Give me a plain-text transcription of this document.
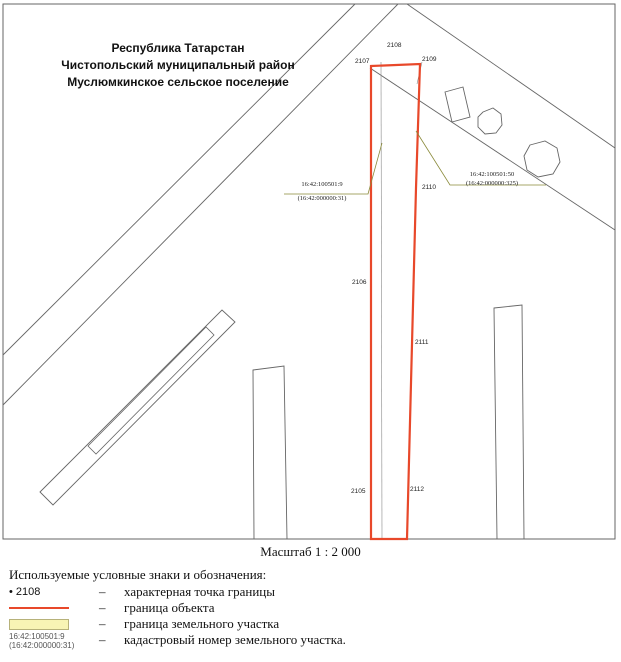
16:42:100501:9
(16:42:000000:31)
16:42:100501:50
(16:42:000000:325)
2107
2108
2109
2110
2106
2111
2105	2112
Республика Татарстан
Чистопольский муниципальный район
Муслюмкинское сельское поселение
Масштаб 1 : 2 000
Используемые условные знаки и обозначения:
• 2108	– характерная точка границы
– граница объекта
– граница земельного участка
16:42:100501:9
(16:42:000000:31)	– кадастровый номер земельного участка.
